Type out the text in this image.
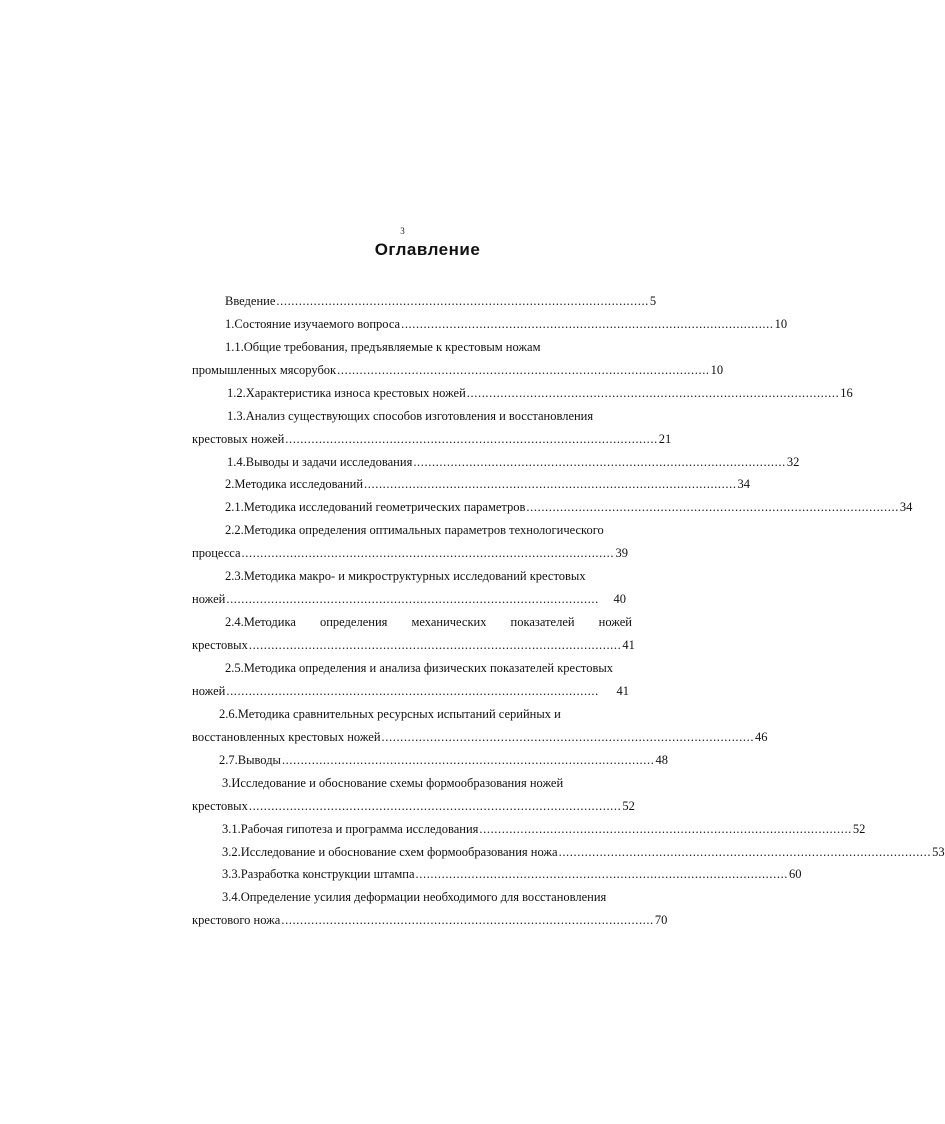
3
Оглавление
Введение .................................................................................................... 5
1.Состояние изучаемого вопроса .................................................................................................... 10
1.1.Общие требования, предъявляемые к крестовым ножам
промышленных мясорубок .................................................................................................... 10
1.2.Характеристика износа крестовых ножей .................................................................................................... 16
1.3.Анализ существующих способов изготовления и восстановления
крестовых ножей .................................................................................................... 21
1.4.Выводы и задачи исследования .................................................................................................... 32
2.Методика исследований .................................................................................................... 34
2.1.Методика исследований геометрических параметров .................................................................................................... 34
2.2.Методика определения оптимальных параметров технологического
процесса .................................................................................................... 39
2.3.Методика макро- и микроструктурных исследований крестовых
ножей ....................................................................................................	40
2.4.Методика определения механических показателей ножей
крестовых .................................................................................................... 41
2.5.Методика определения и анализа физических показателей крестовых
ножей ....................................................................................................	41
2.6.Методика сравнительных ресурсных испытаний серийных и
восстановленных крестовых ножей .................................................................................................... 46
2.7.Выводы .................................................................................................... 48
3.Исследование и обоснование схемы формообразования ножей
крестовых .................................................................................................... 52
3.1.Рабочая гипотеза и программа исследования .................................................................................................... 52
3.2.Исследование и обоснование схем формообразования ножа .................................................................................................... 53
3.3.Разработка конструкции штампа .................................................................................................... 60
3.4.Определение усилия деформации необходимого для восстановления
крестового ножа .................................................................................................... 70
